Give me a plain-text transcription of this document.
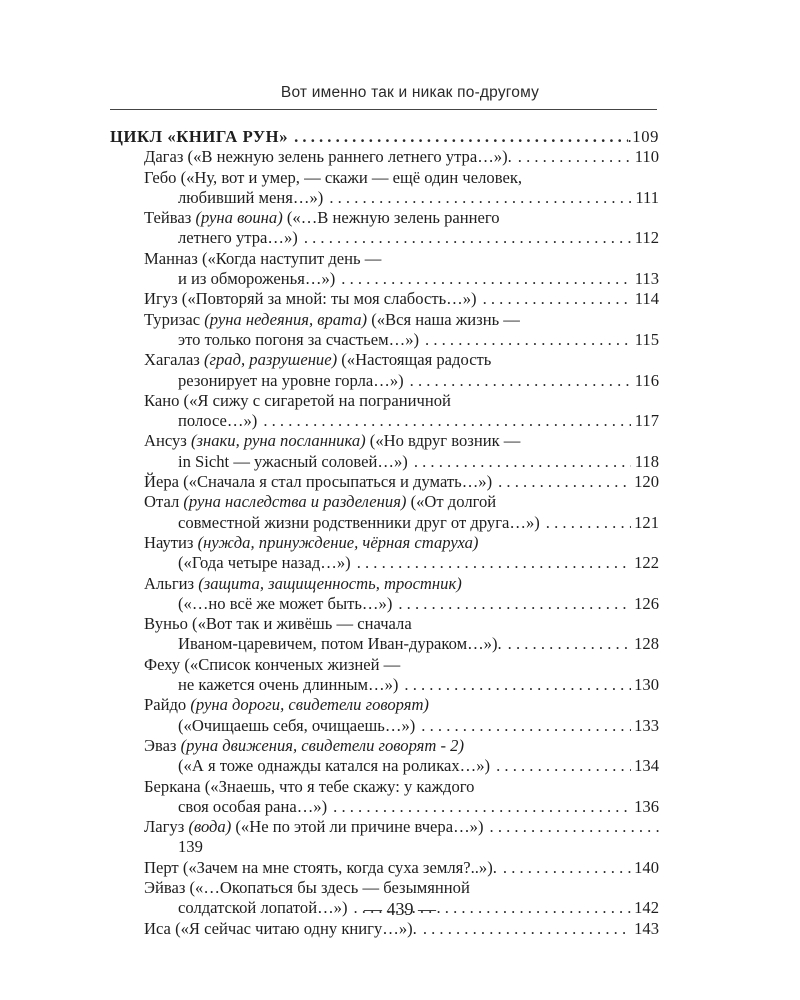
Вот именно так и никак по-другому
ЦИКЛ «КНИГА РУН» . . .	.109
Дагаз («В нежную зелень раннего летнего утра…»). . . .	110
Гебо («Ну, вот и умер, — скажи — ещё один человек,
любивший меня…») . . .	111
Тейваз (руна воина) («…В нежную зелень раннего
летнего утра…») . . .	112
Манназ («Когда наступит день —
и из обмороженья…») . . .	113
Игуз («Повторяй за мной: ты моя слабость…») . . .	114
Туризас (руна недеяния, врата) («Вся наша жизнь —
это только погоня за счастьем…») . . .	115
Хагалаз (град, разрушение) («Настоящая радость
резонирует на уровне горла…») . . .	116
Кано («Я сижу с сигаретой на пограничной
полосе…») . . .	117
Ансуз (знаки, руна посланника) («Но вдруг возник —
in Sicht — ужасный соловей…») . . .	118
Йера («Сначала я стал просыпаться и думать…») . . .	120
Отал (руна наследства и разделения) («От долгой
совместной жизни родственники друг от друга…») . . .	121
Наутиз (нужда, принуждение, чёрная старуха)
(«Года четыре назад…») . . .	122
Альгиз (защита, защищенность, тростник)
(«…но всё же может быть…») . . .	126
Вуньо («Вот так и живёшь — сначала
Иваном-царевичем, потом Иван-дураком…»). . . .	128
Феху («Список конченых жизней —
не кажется очень длинным…») . . .	130
Райдо (руна дороги, свидетели говорят)
(«Очищаешь себя, очищаешь…») . . .	133
Эваз (руна движения, свидетели говорят - 2)
(«А я тоже однажды катался на роликах…») . . .	134
Беркана («Знаешь, что я тебе скажу: у каждого
своя особая рана…») . . .	136
Лагуз (вода) («Не по этой ли причине вчера…»)
. . .
139
Перт («Зачем на мне стоять, когда суха земля?..»). . . .	140
Эйваз («…Окопаться бы здесь — безымянной
солдатской лопатой…») . . .	142
Иса («Я сейчас читаю одну книгу…»). . . .	143
— 439 —
